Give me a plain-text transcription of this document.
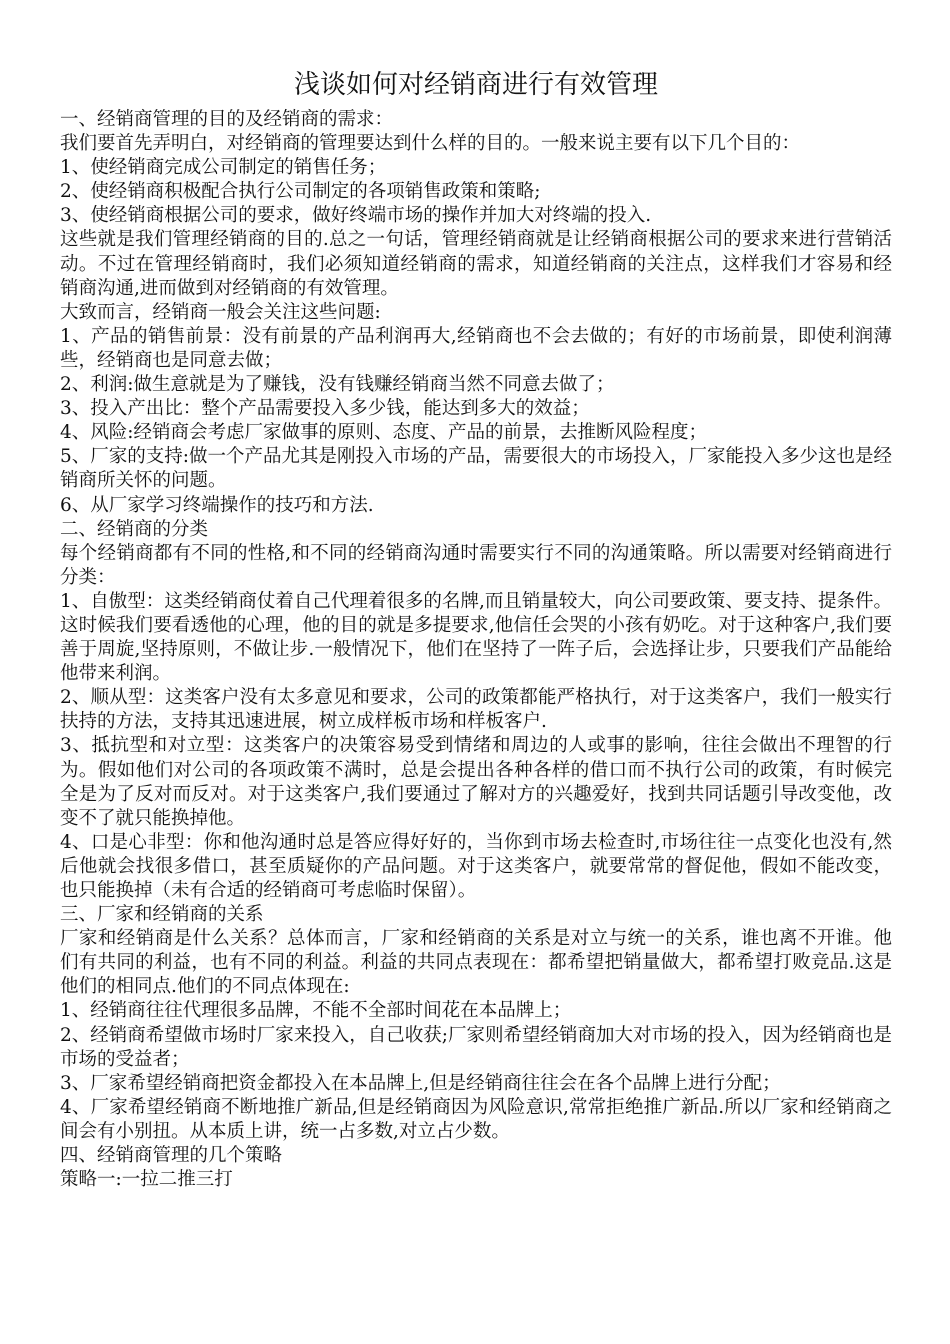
浅谈如何对经销商进行有效管理

一、经销商管理的目的及经销商的需求：

我们要首先弄明白，对经销商的管理要达到什么样的目的。一般来说主要有以下几个目的：

1、使经销商完成公司制定的销售任务；

2、使经销商积极配合执行公司制定的各项销售政策和策略;

3、使经销商根据公司的要求，做好终端市场的操作并加大对终端的投入.

这些就是我们管理经销商的目的.总之一句话，管理经销商就是让经销商根据公司的要求来进行营销活动。不过在管理经销商时，我们必须知道经销商的需求，知道经销商的关注点，这样我们才容易和经销商沟通,进而做到对经销商的有效管理。

大致而言，经销商一般会关注这些问题:

1、产品的销售前景：没有前景的产品利润再大,经销商也不会去做的；有好的市场前景，即使利润薄些，经销商也是同意去做；

2、利润:做生意就是为了赚钱，没有钱赚经销商当然不同意去做了；

3、投入产出比：整个产品需要投入多少钱，能达到多大的效益；

4、风险:经销商会考虑厂家做事的原则、态度、产品的前景，去推断风险程度；

5、厂家的支持:做一个产品尤其是刚投入市场的产品，需要很大的市场投入，厂家能投入多少这也是经销商所关怀的问题。

6、从厂家学习终端操作的技巧和方法.

二、经销商的分类

每个经销商都有不同的性格,和不同的经销商沟通时需要实行不同的沟通策略。所以需要对经销商进行分类：

1、自傲型：这类经销商仗着自己代理着很多的名牌,而且销量较大，向公司要政策、要支持、提条件。这时候我们要看透他的心理，他的目的就是多提要求,他信任会哭的小孩有奶吃。对于这种客户,我们要善于周旋,坚持原则，不做让步.一般情况下，他们在坚持了一阵子后，会选择让步，只要我们产品能给他带来利润。

2、顺从型：这类客户没有太多意见和要求，公司的政策都能严格执行，对于这类客户，我们一般实行扶持的方法，支持其迅速进展，树立成样板市场和样板客户.

3、抵抗型和对立型：这类客户的决策容易受到情绪和周边的人或事的影响，往往会做出不理智的行为。假如他们对公司的各项政策不满时，总是会提出各种各样的借口而不执行公司的政策，有时候完全是为了反对而反对。对于这类客户,我们要通过了解对方的兴趣爱好，找到共同话题引导改变他，改变不了就只能换掉他。

4、口是心非型：你和他沟通时总是答应得好好的，当你到市场去检查时,市场往往一点变化也没有,然后他就会找很多借口，甚至质疑你的产品问题。对于这类客户，就要常常的督促他，假如不能改变，也只能换掉（未有合适的经销商可考虑临时保留）。

三、厂家和经销商的关系

厂家和经销商是什么关系？总体而言，厂家和经销商的关系是对立与统一的关系，谁也离不开谁。他们有共同的利益，也有不同的利益。利益的共同点表现在：都希望把销量做大，都希望打败竞品.这是他们的相同点.他们的不同点体现在:

1、经销商往往代理很多品牌，不能不全部时间花在本品牌上；

2、经销商希望做市场时厂家来投入，自己收获;厂家则希望经销商加大对市场的投入，因为经销商也是市场的受益者；

3、厂家希望经销商把资金都投入在本品牌上,但是经销商往往会在各个品牌上进行分配；

4、厂家希望经销商不断地推广新品,但是经销商因为风险意识,常常拒绝推广新品.所以厂家和经销商之间会有小别扭。从本质上讲，统一占多数,对立占少数。

四、经销商管理的几个策略

策略一:一拉二推三打
